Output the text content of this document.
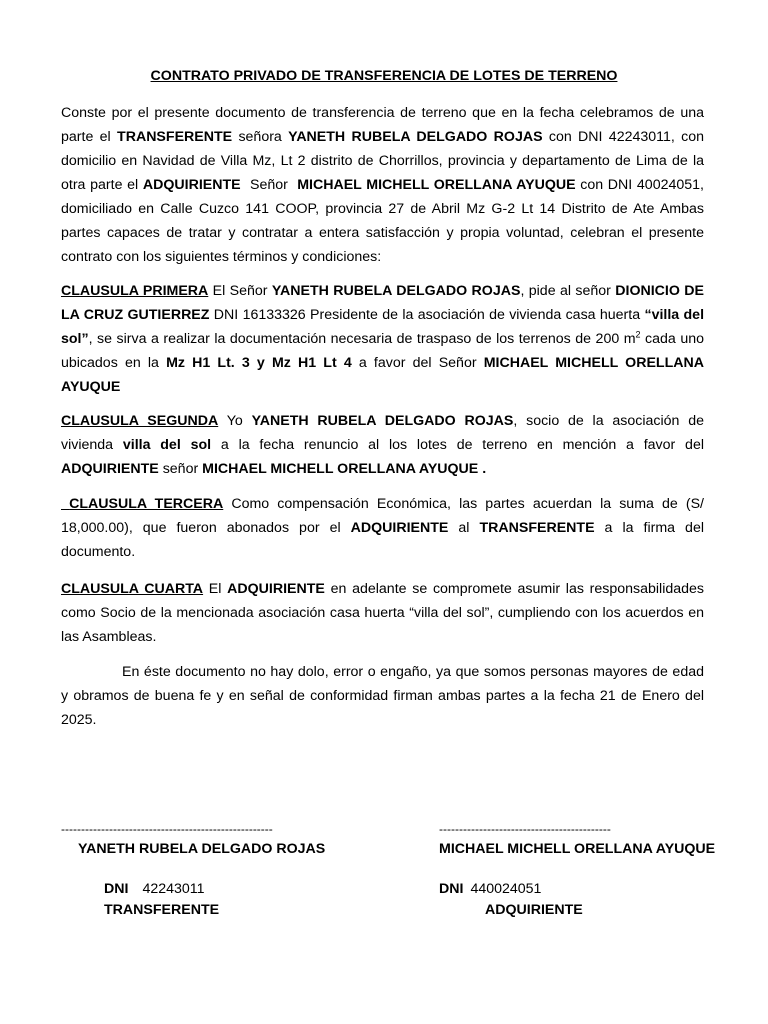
CONTRATO PRIVADO DE TRANSFERENCIA DE LOTES DE TERRENO

Conste por el presente documento de transferencia de terreno que en la fecha celebramos de una parte el TRANSFERENTE señora YANETH RUBELA DELGADO ROJAS con DNI 42243011, con domicilio en Navidad de Villa Mz, Lt 2 distrito de Chorrillos, provincia y departamento de Lima de la otra parte el ADQUIRIENTE  Señor  MICHAEL MICHELL ORELLANA AYUQUE con DNI 40024051, domiciliado en Calle Cuzco 141 COOP, provincia 27 de Abril Mz G-2 Lt 14 Distrito de Ate Ambas partes capaces de tratar y contratar a entera satisfacción y propia voluntad, celebran el presente contrato con los siguientes términos y condiciones:

CLAUSULA PRIMERA El Señor YANETH RUBELA DELGADO ROJAS, pide al señor DIONICIO DE LA CRUZ GUTIERREZ DNI 16133326 Presidente de la asociación de vivienda casa huerta “villa del sol”, se sirva a realizar la documentación necesaria de traspaso de los terrenos de 200 $m^2$ cada uno ubicados en la Mz H1 Lt. 3 y Mz H1 Lt 4 a favor del Señor MICHAEL MICHELL ORELLANA AYUQUE

CLAUSULA SEGUNDA Yo YANETH RUBELA DELGADO ROJAS, socio de la asociación de vivienda villa del sol a la fecha renuncio al los lotes de terreno en mención a favor del ADQUIRIENTE señor MICHAEL MICHELL ORELLANA AYUQUE .

CLAUSULA TERCERA Como compensación Económica, las partes acuerdan la suma de (S/ 18,000.00), que fueron abonados por el ADQUIRIENTE al TRANSFERENTE a la firma del documento.

CLAUSULA CUARTA El ADQUIRIENTE en adelante se compromete asumir las responsabilidades como Socio de la mencionada asociación casa huerta “villa del sol”, cumpliendo con los acuerdos en las Asambleas.

En éste documento no hay dolo, error o engaño, ya que somos personas mayores de edad y obramos de buena fe y en señal de conformidad firman ambas partes a la fecha 21 de Enero del 2025.

-----------------------------------------------------
YANETH RUBELA DELGADO ROJAS
DNI 42243011
TRANSFERENTE
-------------------------------------------
MICHAEL MICHELL ORELLANA AYUQUE
DNI 440024051
ADQUIRIENTE
